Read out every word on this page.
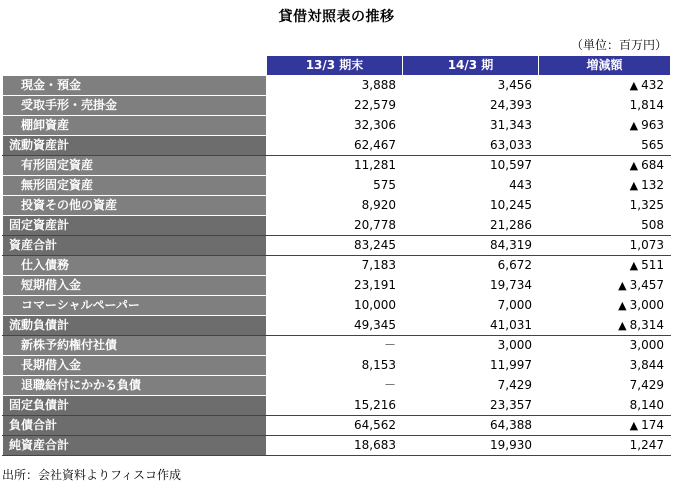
貸借対照表の推移
（単位：百万円）
	13/3 期末	14/3 期	増減額
現金・預金	3,888	3,456	▲ 432
受取手形・売掛金	22,579	24,393	1,814
棚卸資産	32,306	31,343	▲ 963
流動資産計	62,467	63,033	565
有形固定資産	11,281	10,597	▲ 684
無形固定資産	575	443	▲ 132
投資その他の資産	8,920	10,245	1,325
固定資産計	20,778	21,286	508
資産合計	83,245	84,319	1,073
仕入債務	7,183	6,672	▲ 511
短期借入金	23,191	19,734	▲ 3,457
コマーシャルペーパー	10,000	7,000	▲ 3,000
流動負債計	49,345	41,031	▲ 8,314
新株予約権付社債	－	3,000	3,000
長期借入金	8,153	11,997	3,844
退職給付にかかる負債	－	7,429	7,429
固定負債計	15,216	23,357	8,140
負債合計	64,562	64,388	▲ 174
純資産合計	18,683	19,930	1,247
出所：会社資料よりフィスコ作成
